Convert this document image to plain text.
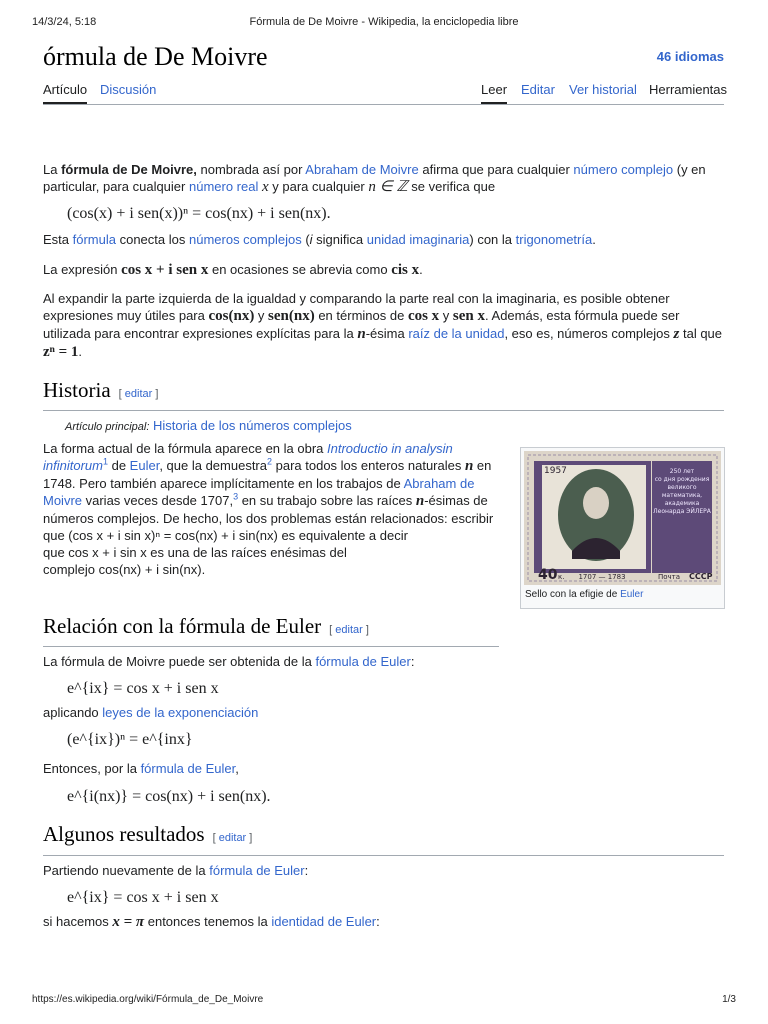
14/3/24, 5:18	Fórmula de De Moivre - Wikipedia, la enciclopedia libre
órmula de De Moivre	46 idiomas
Artículo Discusión	Leer Editar Ver historial Herramientas

La fórmula de De Moivre, nombrada así por Abraham de Moivre afirma que para cualquier número complejo (y en particular, para cualquier número real x y para cualquier n ∈ ℤ se verifica que

(cos(x) + i sen(x))ⁿ = cos(nx) + i sen(nx).

Esta fórmula conecta los números complejos (i significa unidad imaginaria) con la trigonometría.

La expresión cos x + i sen x en ocasiones se abrevia como cis x.

Al expandir la parte izquierda de la igualdad y comparando la parte real con la imaginaria, es posible obtener expresiones muy útiles para cos(nx) y sen(nx) en términos de cos x y sen x. Además, esta fórmula puede ser utilizada para encontrar expresiones explícitas para la n-ésima raíz de la unidad, eso es, números complejos z tal que zⁿ = 1.

Historia [ editar ]
Artículo principal: Historia de los números complejos

La forma actual de la fórmula aparece en la obra Introductio in analysin infinitorum$^1$ de Euler, que la demuestra$^2$ para todos los enteros naturales n en 1748. Pero también aparece implícitamente en los trabajos de Abraham de Moivre varias veces desde 1707,$^3$ en su trabajo sobre las raíces n-ésimas de números complejos. De hecho, los dos problemas están relacionados: escribir

que (cos x + i sin x)ⁿ = cos(nx) + i sin(nx) es equivalente a decir

que cos x + i sin x es una de las raíces enésimas del

complejo cos(nx) + i sin(nx).

250 лет
со дня рождения
великого
математика,
академика
Леонарда ЭЙЛЕРА
1957
40 к. 1707 — 1783	Почта СССР
Sello con la efigie de Euler
Relación con la fórmula de Euler [ editar ]

La fórmula de Moivre puede ser obtenida de la fórmula de Euler:

e^{ix} = cos x + i sen x

aplicando leyes de la exponenciación

(e^{ix})ⁿ = e^{inx}

Entonces, por la fórmula de Euler,

e^{i(nx)} = cos(nx) + i sen(nx).
Algunos resultados [ editar ]

Partiendo nuevamente de la fórmula de Euler:

e^{ix} = cos x + i sen x

si hacemos x = π entonces tenemos la identidad de Euler:

https://es.wikipedia.org/wiki/Fórmula_de_De_Moivre	1/3
